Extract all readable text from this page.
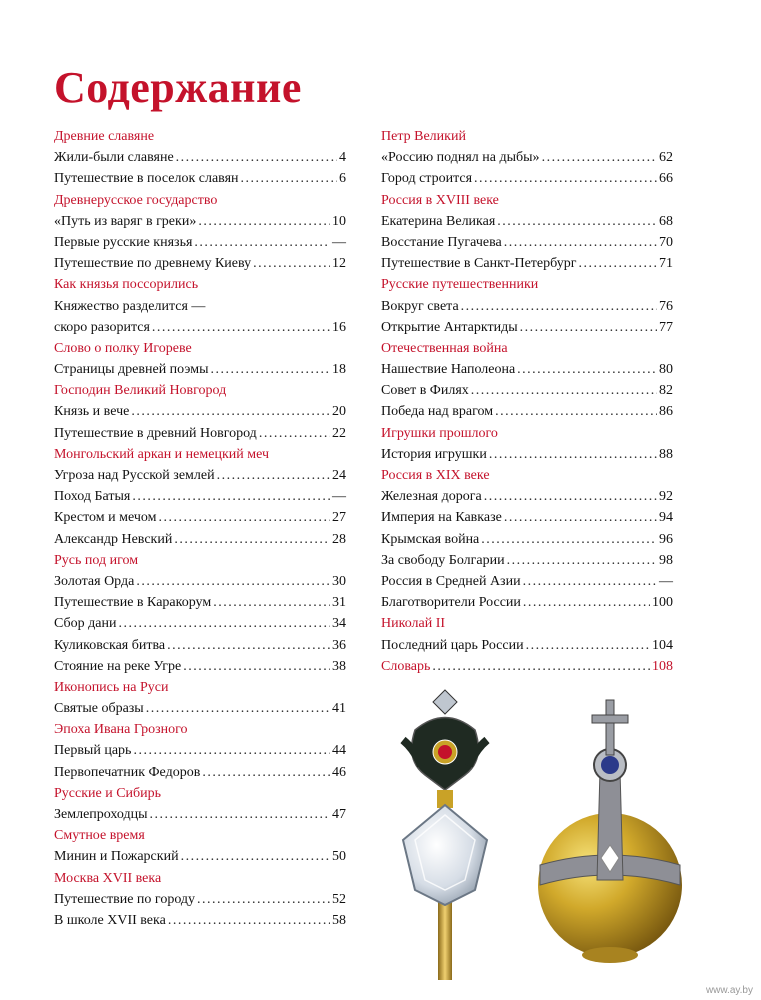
Содержание
Древние славяне
Жили-были славяне .....	4
Путешествие в поселок славян .....	6
Древнерусское государство
«Путь из варяг в греки» .....	10
Первые русские князья .....	—
Путешествие по древнему Киеву .....	12
Как князья поссорились
Княжество разделится —
скоро разорится .....	16
Слово о полку Игореве
Страницы древней поэмы .....	18
Господин Великий Новгород
Князь и вече .....	20
Путешествие в древний Новгород .....	22
Монгольский аркан и немецкий меч
Угроза над Русской землей .....	24
Поход Батыя .....	—
Крестом и мечом .....	27
Александр Невский .....	28
Русь под игом
Золотая Орда .....	30
Путешествие в Каракорум .....	31
Сбор дани .....	34
Куликовская битва .....	36
Стояние на реке Угре .....	38
Иконопись на Руси
Святые образы .....	41
Эпоха Ивана Грозного
Первый царь .....	44
Первопечатник Федоров .....	46
Русские и Сибирь
Землепроходцы .....	47
Смутное время
Минин и Пожарский .....	50
Москва XVII века
Путешествие по городу .....	52
В школе XVII века .....	58
Петр Великий
«Россию поднял на дыбы» .....	62
Город строится .....	66
Россия в XVIII веке
Екатерина Великая .....	68
Восстание Пугачева .....	70
Путешествие в Санкт-Петербург .....	71
Русские путешественники
Вокруг света .....	76
Открытие Антарктиды .....	77
Отечественная война
Нашествие Наполеона .....	80
Совет в Филях .....	82
Победа над врагом .....	86
Игрушки прошлого
История игрушки .....	88
Россия в XIX веке
Железная дорога .....	92
Империя на Кавказе .....	94
Крымская война .....	96
За свободу Болгарии .....	98
Россия в Средней Азии .....	—
Благотворители России .....	100
Николай II
Последний царь России .....	104
Словарь .....	108
www.ay.by
